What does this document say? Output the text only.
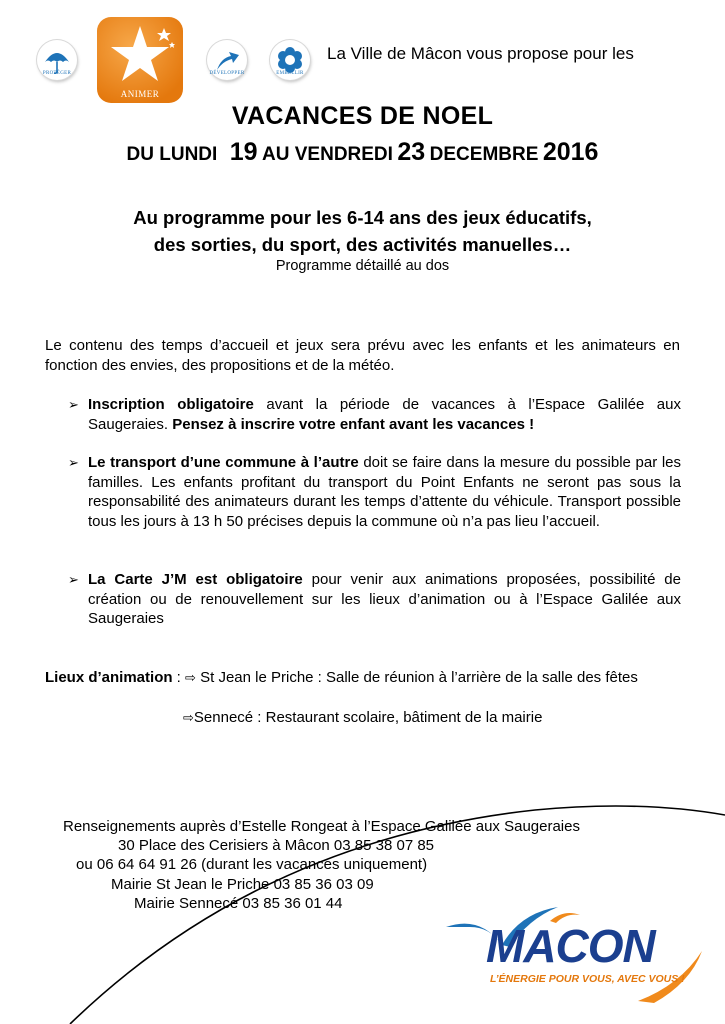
PROTÉGER
ANIMER
DÉVELOPPER	EMBELLIR
La Ville de Mâcon vous propose pour les
VACANCES DE NOEL
DU LUNDI 19 AU VENDREDI 23 DECEMBRE 2016
Au programme pour les 6-14 ans des jeux éducatifs,
des sorties, du sport, des activités manuelles…
Programme détaillé au dos
Le contenu des temps d’accueil et jeux sera prévu avec les enfants et les animateurs en fonction des envies, des propositions et de la météo.
➢ Inscription obligatoire avant la période de vacances à l’Espace Galilée aux Saugeraies. Pensez à inscrire votre enfant avant les vacances !
➢ Le transport d’une commune à l’autre doit se faire dans la mesure du possible par les familles. Les enfants profitant du transport du Point Enfants ne seront pas sous la responsabilité des animateurs durant les temps d’attente du véhicule. Transport possible tous les jours à 13 h 50 précises depuis la commune où n’a pas lieu l’accueil.
➢ La Carte J’M est obligatoire pour venir aux animations proposées, possibilité de création ou de renouvellement sur les lieux d’animation ou à l’Espace Galilée aux Saugeraies
Lieux d’animation : ⇨ St Jean le Priche : Salle de réunion à l’arrière de la salle des fêtes
⇨Sennecé : Restaurant scolaire, bâtiment de la mairie
Renseignements auprès d’Estelle Rongeat à l’Espace Galilée aux Saugeraies
30 Place des Cerisiers à Mâcon 03 85 38 07 85
ou 06 64 64 91 26 (durant les vacances uniquement)
Mairie St Jean le Priche 03 85 36 03 09
Mairie Sennecé 03 85 36 01 44
MACON
L’ÉNERGIE POUR VOUS, AVEC VOUS !
